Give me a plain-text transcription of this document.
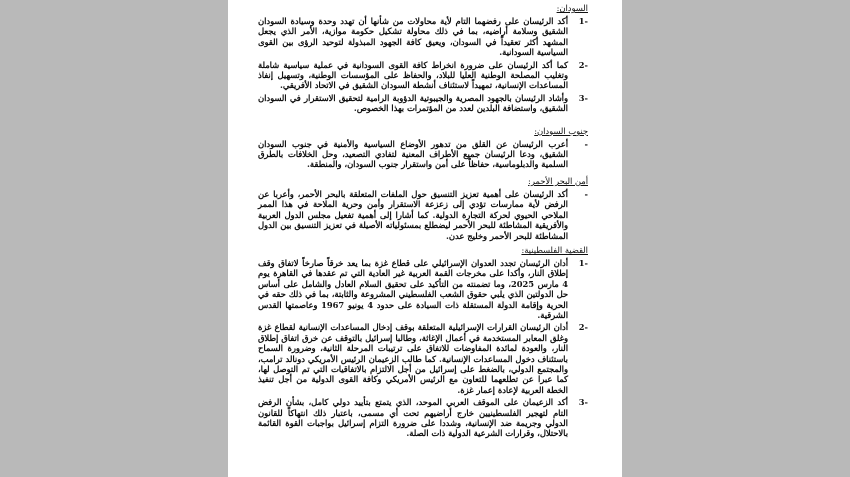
السودان:
-1

أكد الرئيسان على رفضهما التام لأية محاولات من شأنها أن تهدد وحدة وسيادة السودان الشقيق وسلامة أراضيه، بما في ذلك محاولة تشكيل حكومة موازية، الأمر الذي يجعل المشهد أكثر تعقيداً في السودان، ويعيق كافة الجهود المبذولة لتوحيد الرؤى بين القوى السياسية السودانية.

-2

كما أكد الرئيسان على ضرورة انخراط كافة القوى السودانية في عملية سياسية شاملة وتغليب المصلحة الوطنية العليا للبلاد، والحفاظ على المؤسسات الوطنية، وتسهيل إنفاذ المساعدات الإنسانية، تمهيداً لاستئناف أنشطة السودان الشقيق في الاتحاد الأفريقي.

-3

وأشاد الرئيسان بالجهود المصرية والجيبوتية الدؤوبة الرامية لتحقيق الاستقرار في السودان الشقيق، واستضافة البلدين لعدد من المؤتمرات بهذا الخصوص.

جنوب السودان:
-

أعرب الرئيسان عن القلق من تدهور الأوضاع السياسية والأمنية في جنوب السودان الشقيق، ودعا الرئيسان جميع الأطراف المعنية لتفادي التصعيد، وحل الخلافات بالطرق السلمية والدبلوماسية، حفاظاً على أمن واستقرار جنوب السودان، والمنطقة.

أمن البحر الأحمر:
-

أكد الرئيسان على أهمية تعزيز التنسيق حول الملفات المتعلقة بالبحر الأحمر، وأعربا عن الرفض لأية ممارسات تؤدي إلى زعزعة الاستقرار وأمن وحرية الملاحة في هذا الممر الملاحي الحيوي لحركة التجارة الدولية. كما أشارا إلى أهمية تفعيل مجلس الدول العربية والأفريقية المشاطئة للبحر الأحمر ليضطلع بمسئولياته الأصيلة في تعزيز التنسيق بين الدول المشاطئة للبحر الأحمر وخليج عدن.

القضية الفلسطينية:
-1

أدان الرئيسان تجدد العدوان الإسرائيلي على قطاع غزة بما يعد خرقاً صارخاً لاتفاق وقف إطلاق النار، وأكدا على مخرجات القمة العربية غير العادية التي تم عقدها في القاهرة يوم 4 مارس 2025، وما تضمنته من التأكيد على تحقيق السلام العادل والشامل على أساس حل الدولتين الذي يلبي حقوق الشعب الفلسطيني المشروعة والثابتة، بما في ذلك حقه في الحرية وإقامة الدولة المستقلة ذات السيادة على حدود 4 يونيو 1967 وعاصمتها القدس الشرقية.

-2

أدان الرئيسان القرارات الإسرائيلية المتعلقة بوقف إدخال المساعدات الإنسانية لقطاع غزة وغلق المعابر المستخدمة في أعمال الإغاثة، وطالبا إسرائيل بالتوقف عن خرق اتفاق إطلاق النار، والعودة لمائدة المفاوضات للاتفاق على ترتيبات المرحلة الثانية، وضرورة السماح باستئناف دخول المساعدات الإنسانية. كما طالب الزعيمان الرئيس الأمريكي دونالد ترامب، والمجتمع الدولي، بالضغط على إسرائيل من أجل الالتزام بالاتفاقيات التي تم التوصل لها، كما عبرا عن تطلعهما للتعاون مع الرئيس الأمريكي وكافة القوى الدولية من أجل تنفيذ الخطة العربية لإعادة إعمار غزة.

-3

أكد الزعيمان على الموقف العربي الموحد، الذي يتمتع بتأييد دولي كامل، بشأن الرفض التام لتهجير الفلسطينيين خارج أراضيهم تحت أي مسمى، باعتبار ذلك انتهاكاً للقانون الدولي وجريمة ضد الإنسانية، وشددا على ضرورة التزام إسرائيل بواجبات القوة القائمة بالاحتلال، وقرارات الشرعية الدولية ذات الصلة.
